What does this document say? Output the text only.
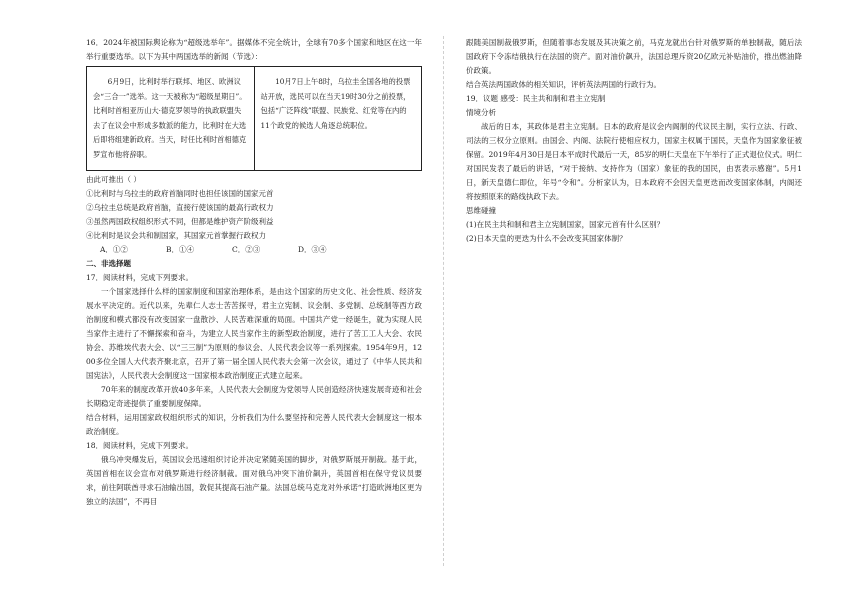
16．2024年被国际舆论称为“超级选举年”。据媒体不完全统计，全球有70多个国家和地区在这一年举行重要选举。以下为其中两国选举的新闻（节选）：

6月9日，比利时举行联邦、地区、欧洲议会“三合一”选举。这一天被称为“超级星期日”。比利时首相亚历山大·德克罗领导的执政联盟失去了在议会中形成多数派的能力，比利时在大选后即将组建新政府。当天，时任比利时首相德克罗宣布他将辞职。	10月7日上午8时，乌拉圭全国各地的投票站开放，选民可以在当天19时30分之前投票，包括“广泛阵线”联盟、民族党、红党等在内的11个政党的候选人角逐总统职位。

由此可推出（ ）

①比利时与乌拉圭的政府首脑同时也担任该国的国家元首

②乌拉圭总统是政府首脑，直接行使该国的最高行政权力

③虽然两国政权组织形式不同，但都是维护资产阶级利益

④比利时是议会共和制国家，其国家元首掌握行政权力

A．①②	B．①④	C．②③	D．③④

二、非选择题

17．阅读材料，完成下列要求。

一个国家选择什么样的国家制度和国家治理体系，是由这个国家的历史文化、社会性质、经济发展水平决定的。近代以来，先辈仁人志士苦苦探寻，君主立宪制、议会制、多党制、总统制等西方政治制度和模式都没有改变国家一盘散沙、人民苦难深重的局面。中国共产党一经诞生，就为实现人民当家作主进行了不懈探索和奋斗，为建立人民当家作主的新型政治制度，进行了苦工工人大会、农民协会、苏维埃代表大会、以“三三制”为原则的参议会、人民代表会议等一系列探索。1954年9月，1200多位全国人大代表齐聚北京，召开了第一届全国人民代表大会第一次会议，通过了《中华人民共和国宪法》，人民代表大会制度这一国家根本政治制度正式建立起来。

70年来的制度改革开放40多年来，人民代表大会制度为党领导人民创造经济快速发展奇迹和社会长期稳定奇迹提供了重要制度保障。

结合材料，运用国家政权组织形式的知识，分析我们为什么要坚持和完善人民代表大会制度这一根本政治制度。

18．阅读材料，完成下列要求。

俄乌冲突爆发后，英国议会迅速组织讨论并决定紧随美国的脚步，对俄罗斯展开制裁。基于此，英国首相在议会宣布对俄罗斯进行经济制裁。面对俄乌冲突下油价飙升，英国首相在保守党议员要求，前往阿联酋寻求石油输出国，敦促其提高石油产量。法国总统马克龙对外承诺“打造欧洲地区更为独立的法国”，不再目

跟随美国制裁俄罗斯，但随着事态发展及其决策之前，马克龙就出台针对俄罗斯的单独制裁，随后法国政府下令冻结俄执行在法国的资产。面对油价飙升，法国总理斥资20亿欧元补贴油价，推出燃油降价政策。

结合英法两国政体的相关知识，评析英法两国的行政行为。

19．议题 感受：民主共和制和君主立宪制

情境分析

战后的日本，其政体是君主立宪制。日本的政府是议会内阁制的代议民主制，实行立法、行政、司法的三权分立原则。由国会、内阁、法院行使相应权力，国家主权属于国民，天皇作为国家象征被保留。2019年4月30日是日本平成时代最后一天，85岁的明仁天皇在下午举行了正式退位仪式。明仁对国民发表了最后的讲话，“对于接纳、支持作为（国家）象征的我的国民，由衷表示感谢”。5月1日，新天皇德仁即位，年号“令和”。分析家认为，日本政府不会因天皇更迭而改变国家体制，内阁还将按照原来的路线执政下去。

思维碰撞

(1)在民主共和制和君主立宪制国家，国家元首有什么区别？

(2)日本天皇的更迭为什么不会改变其国家体制？
